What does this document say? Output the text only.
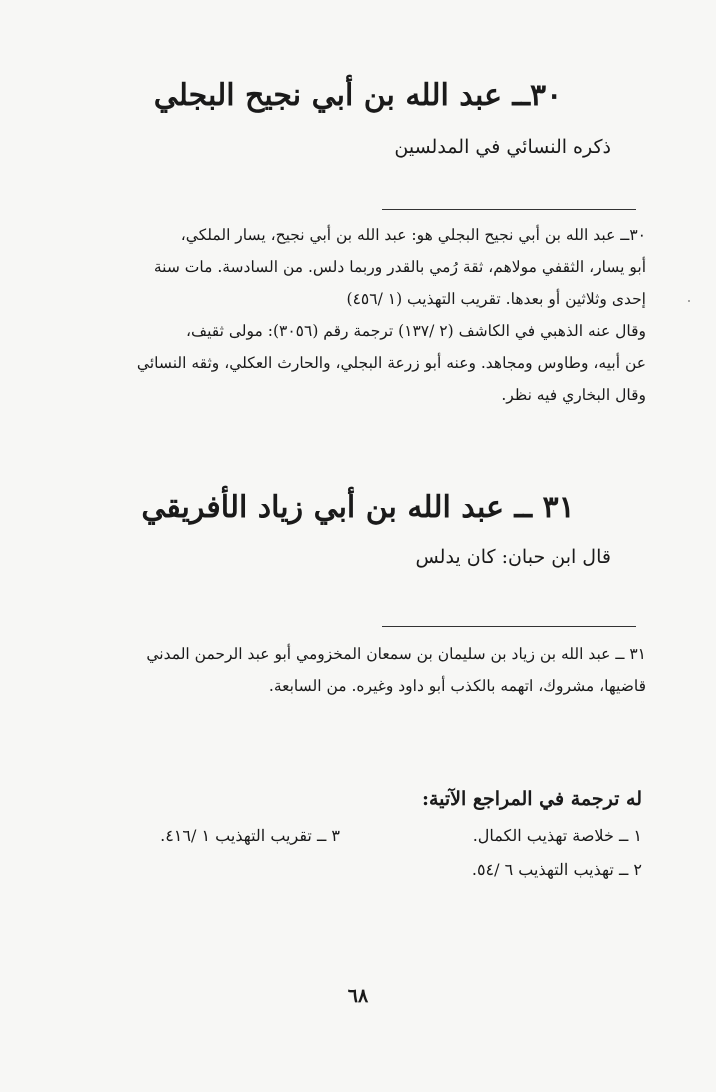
٣٠ــ عبد الله بن أبي نجيح البجلي
ذكره النسائي في المدلسين
٣٠ــ عبد الله بن أبي نجيح البجلي هو: عبد الله بن أبي نجيح، يسار الملكي،
أبو يسار، الثقفي مولاهم، ثقة رُمي بالقدر وربما دلس. من السادسة. مات سنة
إحدى وثلاثين أو بعدها. تقريب التهذيب (١ /٤٥٦)
وقال عنه الذهبي في الكاشف (٢ /١٣٧) ترجمة رقم (٣٠٥٦): مولى ثقيف،
عن أبيه، وطاوس ومجاهد. وعنه أبو زرعة البجلي، والحارث العكلي، وثقه النسائي
وقال البخاري فيه نظر.
٣١ ــ عبد الله بن أبي زياد الأفريقي
قال ابن حبان: كان يدلس
٣١ ــ عبد الله بن زياد بن سليمان بن سمعان المخزومي أبو عبد الرحمن المدني
قاضيها، مشروك، اتهمه بالكذب أبو داود وغيره. من السابعة.
له ترجمة في المراجع الآتية:
١ ــ خلاصة تهذيب الكمال.
٢ ــ تهذيب التهذيب ٦ /٥٤.
٣ ــ تقريب التهذيب ١ /٤١٦.
٦٨
